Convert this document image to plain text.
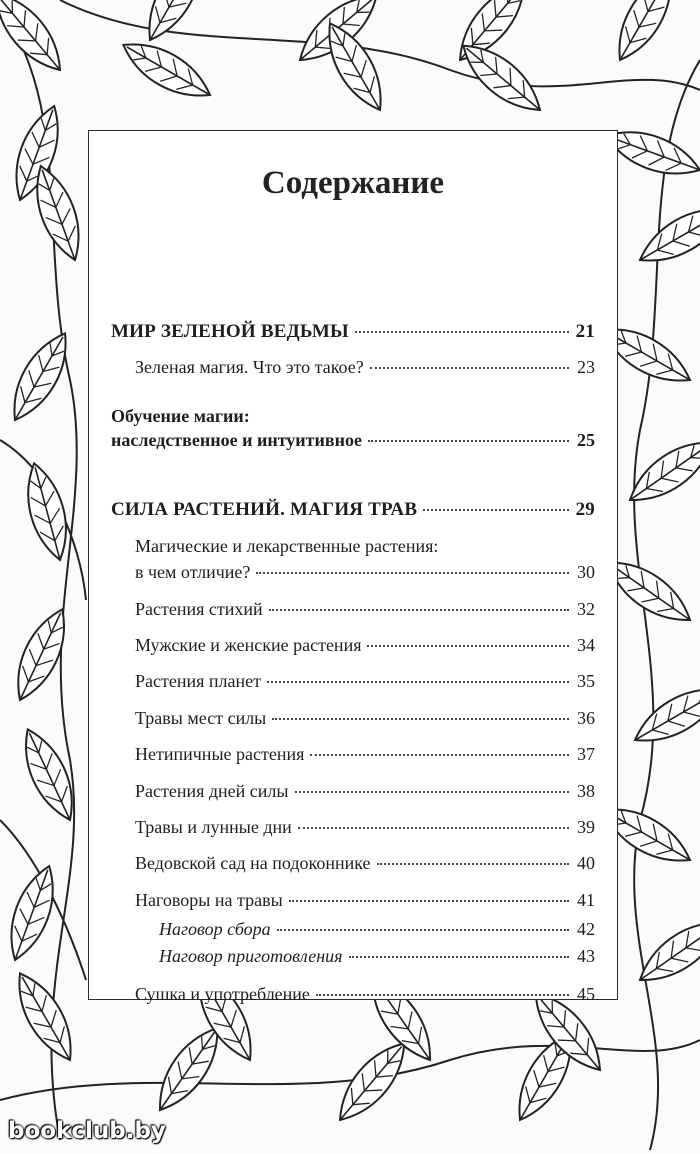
Содержание
МИР ЗЕЛЕНОЙ ВЕДЬМЫ	21
Зеленая магия. Что это такое?	23
Обучение магии:
наследственное и интуитивное	25
СИЛА РАСТЕНИЙ. МАГИЯ ТРАВ	29
Магические и лекарственные растения:
в чем отличие?	30
Растения стихий	32
Мужские и женские растения	34
Растения планет	35
Травы мест силы	36
Нетипичные растения	37
Растения дней силы	38
Травы и лунные дни	39
Ведовской сад на подоконнике	40
Наговоры на травы	41
Наговор сбора	42
Наговор приготовления	43
Сушка и употребление	45
bookclub.by
